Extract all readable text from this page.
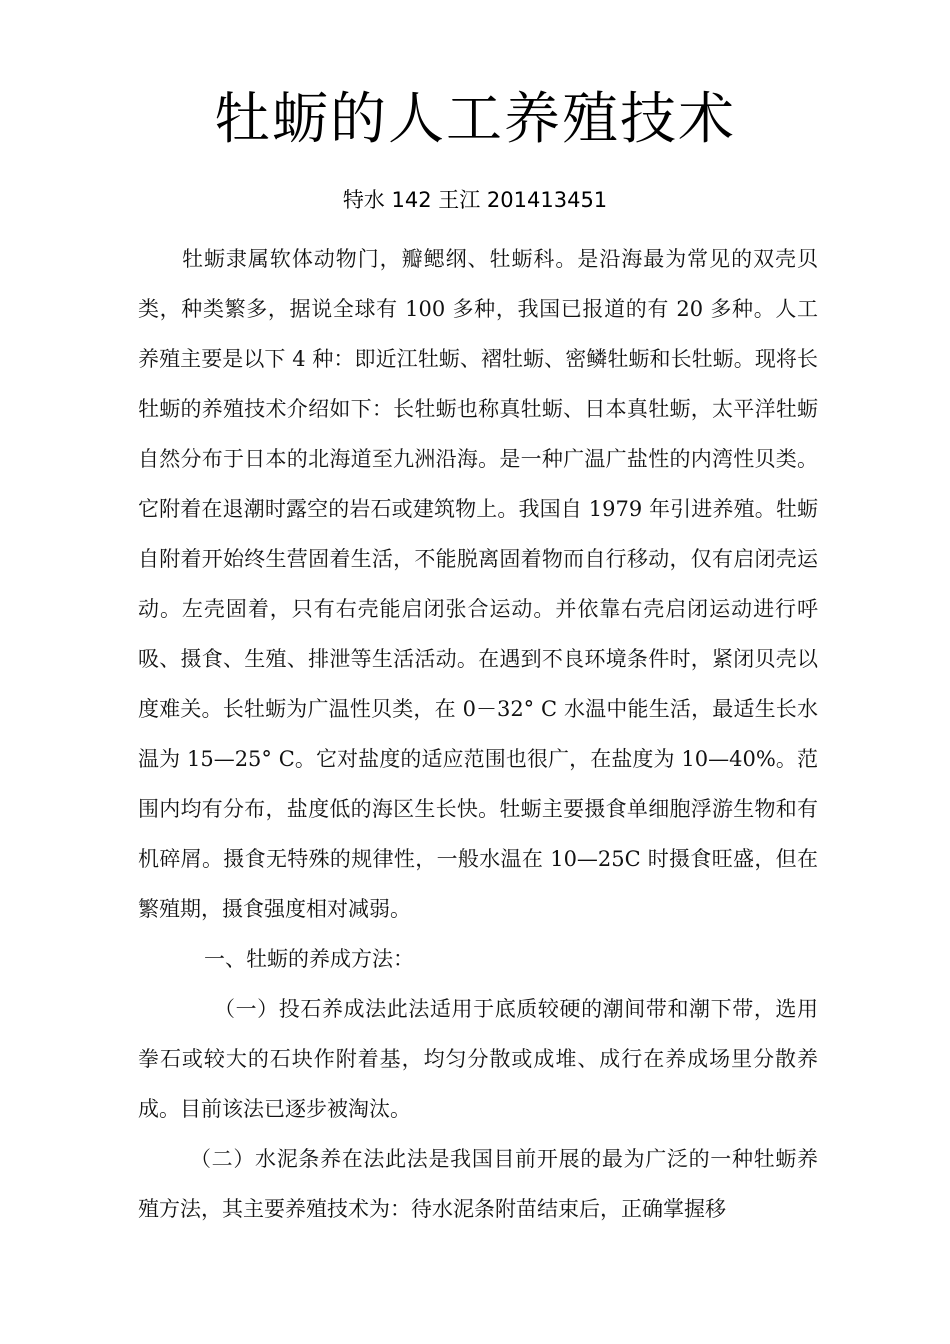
牡蛎的人工养殖技术
特水 142 王江 201413451

牡蛎隶属软体动物门，瓣鳃纲、牡蛎科。是沿海最为常见的双壳贝类，种类繁多，据说全球有 100 多种，我国已报道的有 20 多种。人工养殖主要是以下 4 种：即近江牡蛎、褶牡蛎、密鳞牡蛎和长牡蛎。现将长牡蛎的养殖技术介绍如下：长牡蛎也称真牡蛎、日本真牡蛎，太平洋牡蛎自然分布于日本的北海道至九洲沿海。是一种广温广盐性的内湾性贝类。它附着在退潮时露空的岩石或建筑物上。我国自 1979 年引进养殖。牡蛎自附着开始终生营固着生活，不能脱离固着物而自行移动，仅有启闭壳运动。左壳固着，只有右壳能启闭张合运动。并依靠右壳启闭运动进行呼吸、摄食、生殖、排泄等生活活动。在遇到不良环境条件时，紧闭贝壳以度难关。长牡蛎为广温性贝类，在 0－32° C 水温中能生活，最适生长水温为 15—25° C。它对盐度的适应范围也很广，在盐度为 10—40%。范围内均有分布，盐度低的海区生长快。牡蛎主要摄食单细胞浮游生物和有机碎屑。摄食无特殊的规律性，一般水温在 10—25C 时摄食旺盛，但在繁殖期，摄食强度相对减弱。

一、牡蛎的养成方法：

（一）投石养成法此法适用于底质较硬的潮间带和潮下带，选用拳石或较大的石块作附着基，均匀分散或成堆、成行在养成场里分散养成。目前该法已逐步被淘汰。

（二）水泥条养在法此法是我国目前开展的最为广泛的一种牡蛎养殖方法，其主要养殖技术为：待水泥条附苗结束后，正确掌握移
